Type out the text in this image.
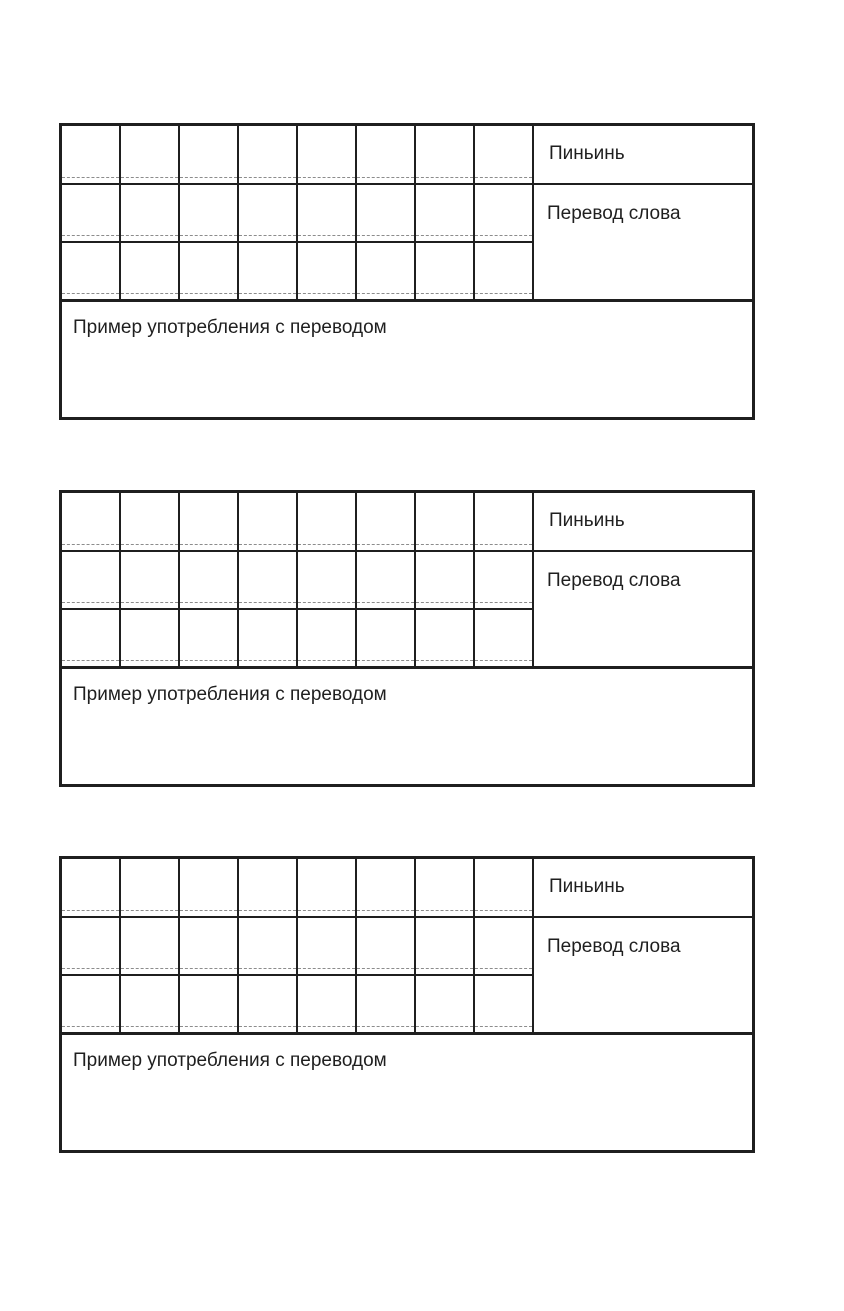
Пиньинь
Перевод слова
Пример употребления с переводом
Пиньинь
Перевод слова
Пример употребления с переводом
Пиньинь
Перевод слова
Пример употребления с переводом
